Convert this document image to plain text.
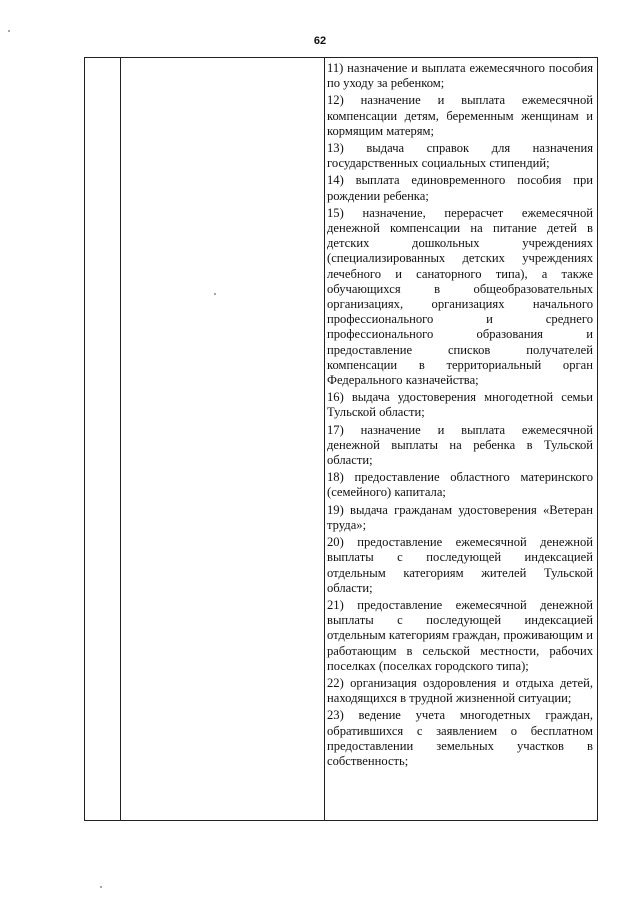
62

11) назначение и выплата ежемесячного пособия по уходу за ребенком;

12) назначение и выплата ежемесячной компенсации детям, беременным женщинам и кормящим матерям;

13) выдача справок для назначения государственных социальных стипендий;

14) выплата единовременного пособия при рождении ребенка;

15) назначение, перерасчет ежемесячной денежной компенсации на питание детей в детских дошкольных учреждениях (специализированных детских учреждениях лечебного и санаторного типа), а также обучающихся в общеобразовательных организациях, организациях начального профессионального и среднего профессионального образования и предоставление списков получателей компенсации в территориальный орган Федерального казначейства;

16) выдача удостоверения многодетной семьи Тульской области;

17) назначение и выплата ежемесячной денежной выплаты на ребенка в Тульской области;

18) предоставление областного материнского (семейного) капитала;

19) выдача гражданам удостоверения «Ветеран труда»;

20) предоставление ежемесячной денежной выплаты с последующей индексацией отдельным категориям жителей Тульской области;

21) предоставление ежемесячной денежной выплаты с последующей индексацией отдельным категориям граждан, проживающим и работающим в сельской местности, рабочих поселках (поселках городского типа);

22) организация оздоровления и отдыха детей, находящихся в трудной жизненной ситуации;

23) ведение учета многодетных граждан, обратившихся с заявлением о бесплатном предоставлении земельных участков в собственность;
